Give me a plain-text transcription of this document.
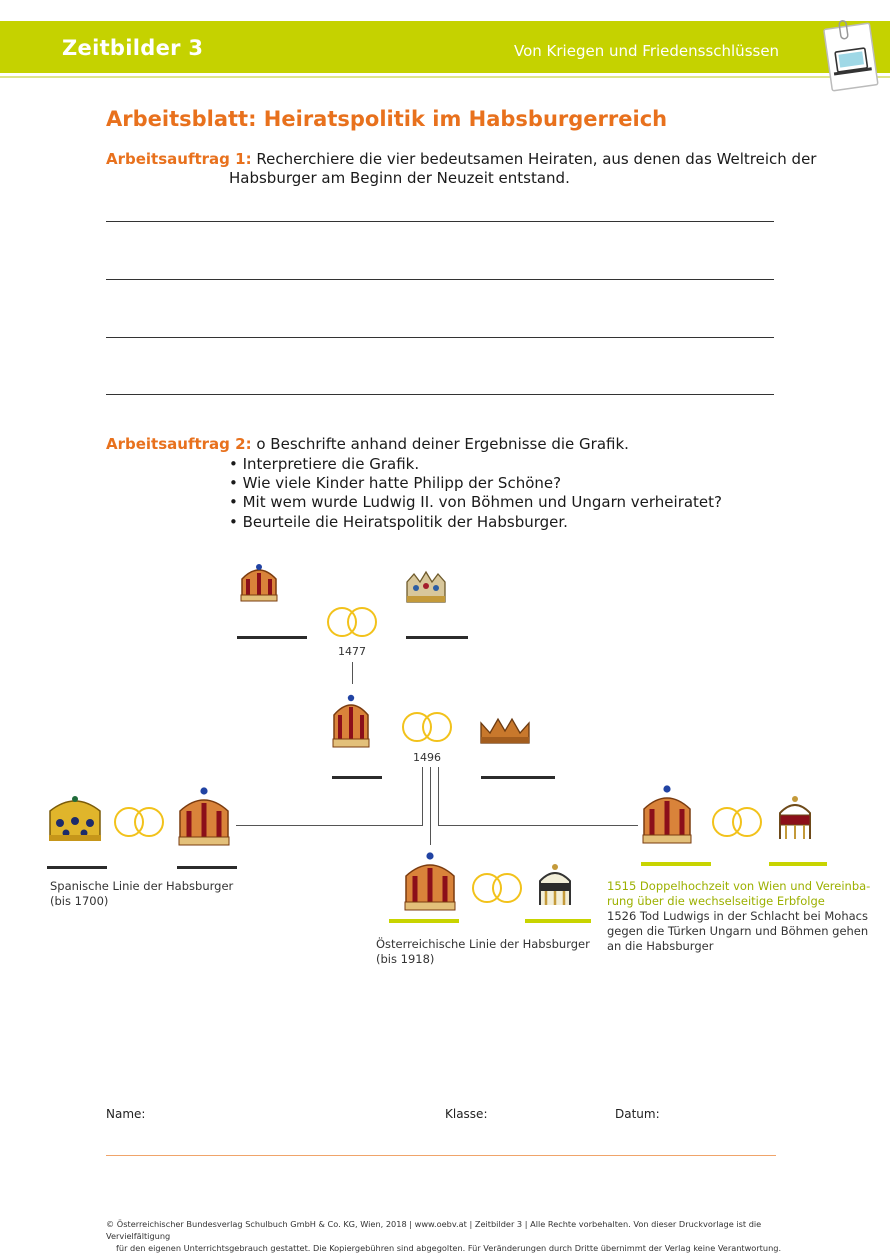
Zeitbilder 3	Von Kriegen und Friedensschlüssen
Arbeitsblatt: Heiratspolitik im Habsburgerreich
Arbeitsauftrag 1: Recherchiere die vier bedeutsamen Heiraten, aus denen das Weltreich der
Habsburger am Beginn der Neuzeit entstand.
Arbeitsauftrag 2: o Beschrifte anhand deiner Ergebnisse die Grafik.
• Interpretiere die Grafik.
• Wie viele Kinder hatte Philipp der Schöne?
• Mit wem wurde Ludwig II. von Böhmen und Ungarn verheiratet?
• Beurteile die Heiratspolitik der Habsburger.
1477
1496
Spanische Linie der Habsburger
(bis 1700)
Österreichische Linie der Habsburger
(bis 1918)
1515 Doppelhochzeit von Wien und Vereinba-
rung über die wechselseitige Erbfolge
1526 Tod Ludwigs in der Schlacht bei Mohacs
gegen die Türken Ungarn und Böhmen gehen
an die Habsburger
Name:	Klasse:	Datum:
© Österreichischer Bundesverlag Schulbuch GmbH & Co. KG, Wien, 2018 | www.oebv.at | Zeitbilder 3 | Alle Rechte vorbehalten. Von dieser Druckvorlage ist die Vervielfältigung
für den eigenen Unterrichtsgebrauch gestattet. Die Kopiergebühren sind abgegolten. Für Veränderungen durch Dritte übernimmt der Verlag keine Verantwortung.
